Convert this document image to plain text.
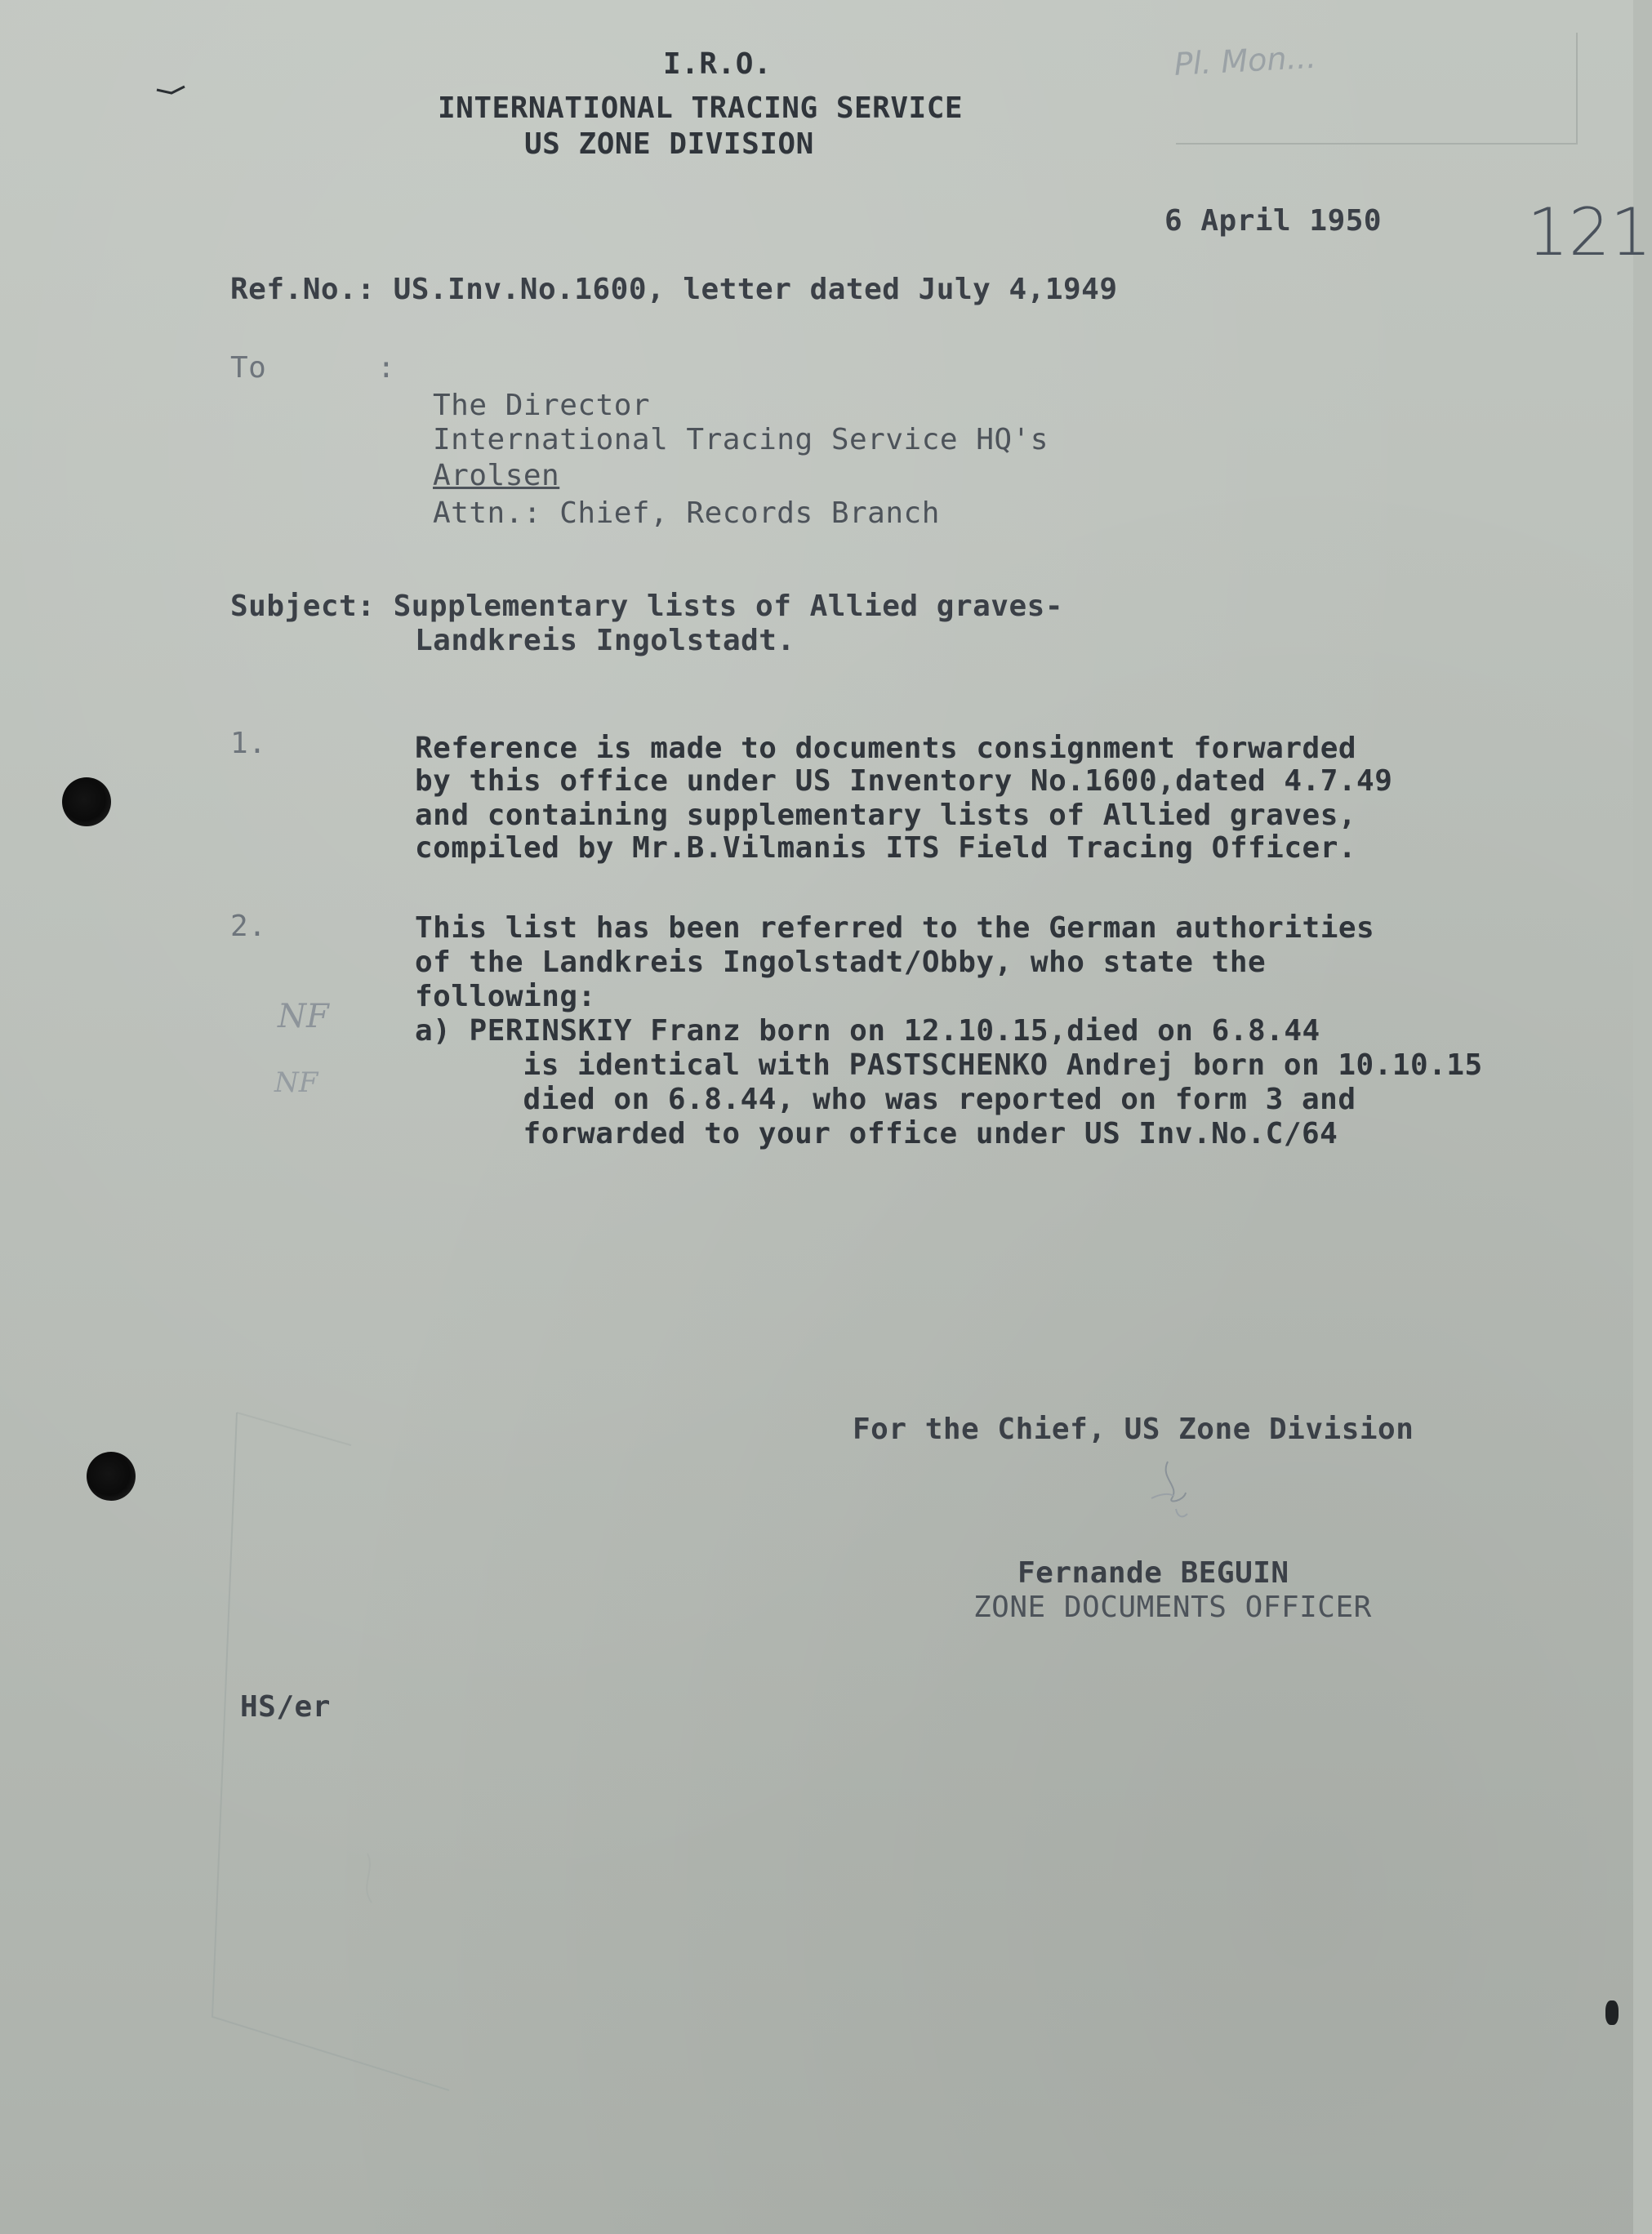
Pl. Mon...
I.R.O.
INTERNATIONAL TRACING SERVICE
US ZONE DIVISION
6 April 1950 121
Ref.No.: US.Inv.No.1600, letter dated July 4,1949
To	:
The Director
International Tracing Service HQ's
Arolsen
Attn.: Chief, Records Branch
Subject: Supplementary lists of Allied graves-
Landkreis Ingolstadt.
1.	Reference is made to documents consignment forwarded
by this office under US Inventory No.1600,dated 4.7.49
and containing supplementary lists of Allied graves,
compiled by Mr.B.Vilmanis ITS Field Tracing Officer.
2.	This list has been referred to the German authorities
of the Landkreis Ingolstadt/Obby, who state the
following:
a) PERINSKIY Franz born on 12.10.15,died on 6.8.44
is identical with PASTSCHENKO Andrej born on 10.10.15
died on 6.8.44, who was reported on form 3 and
forwarded to your office under US Inv.No.C/64
NF
NF
For the Chief, US Zone Division
Fernande BEGUIN
ZONE DOCUMENTS OFFICER
HS/er
